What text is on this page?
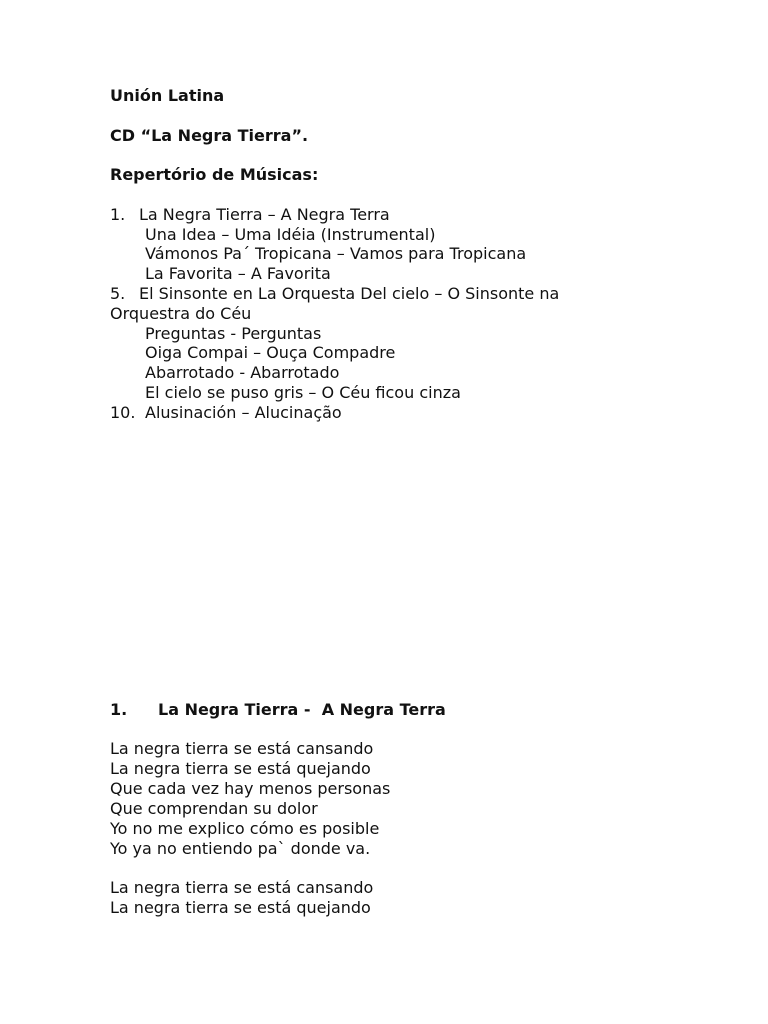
Unión Latina
CD “La Negra Tierra”.
Repertório de Músicas:
1. La Negra Tierra – A Negra Terra
Una Idea – Uma Idéia (Instrumental)
Vámonos Pa´ Tropicana – Vamos para Tropicana
La Favorita – A Favorita
5. El Sinsonte en La Orquesta Del cielo – O Sinsonte na
Orquestra do Céu
Preguntas - Perguntas
Oiga Compai – Ouça Compadre
Abarrotado - Abarrotado
El cielo se puso gris – O Céu ficou cinza
10. Alusinación – Alucinação
1. La Negra Tierra -  A Negra Terra
La negra tierra se está cansando
La negra tierra se está quejando
Que cada vez hay menos personas
Que comprendan su dolor
Yo no me explico cómo es posible
Yo ya no entiendo pa` donde va.
La negra tierra se está cansando
La negra tierra se está quejando
